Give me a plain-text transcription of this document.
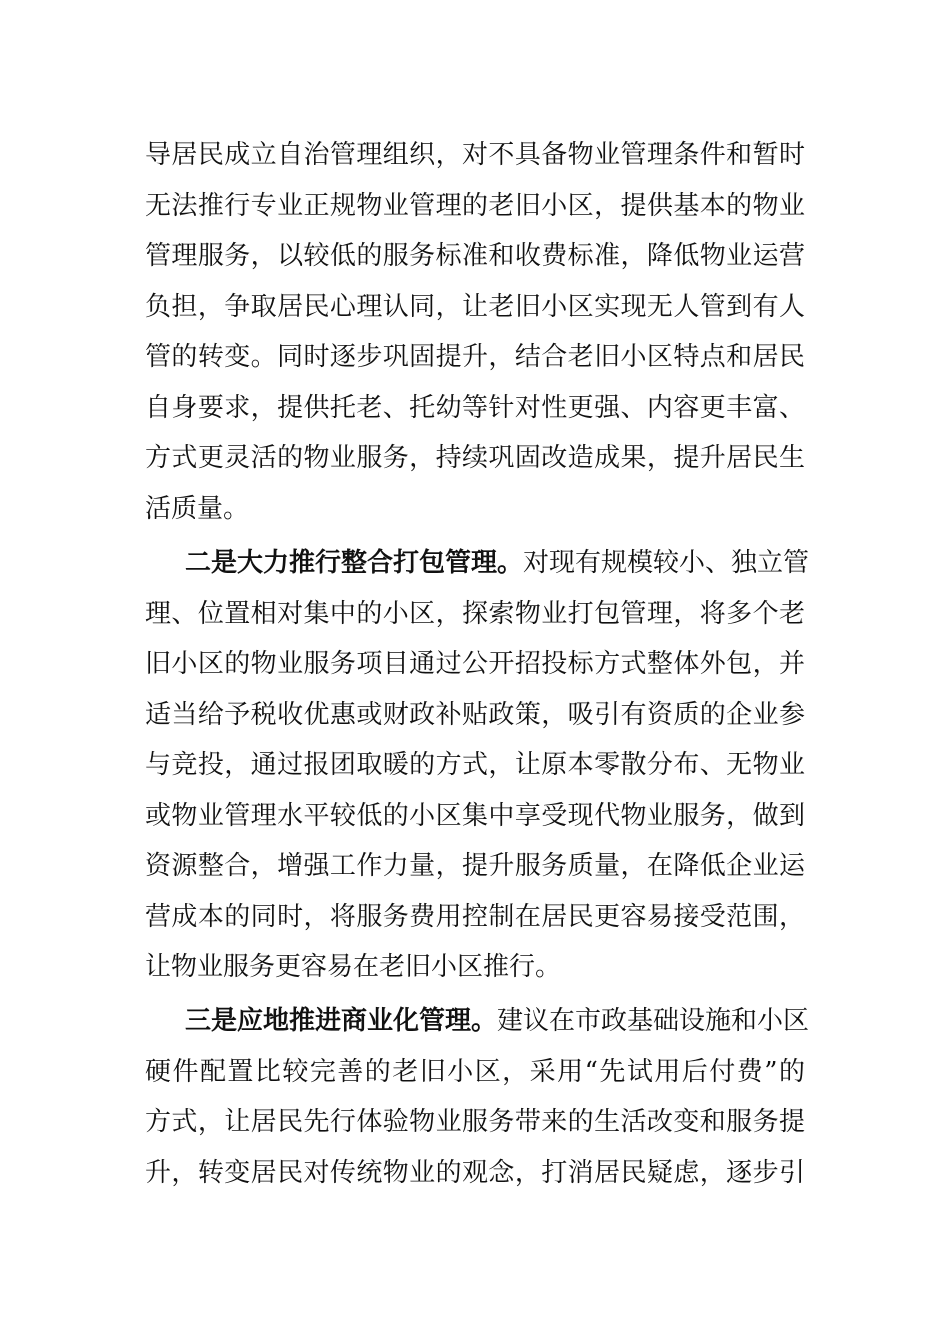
导居民成立自治管理组织，对不具备物业管理条件和暂时
无法推行专业正规物业管理的老旧小区，提供基本的物业
管理服务，以较低的服务标准和收费标准，降低物业运营
负担，争取居民心理认同，让老旧小区实现无人管到有人
管的转变。同时逐步巩固提升，结合老旧小区特点和居民
自身要求，提供托老、托幼等针对性更强、内容更丰富、
方式更灵活的物业服务，持续巩固改造成果，提升居民生
活质量。
二是大力推行整合打包管理。对现有规模较小、独立管
理、位置相对集中的小区，探索物业打包管理，将多个老
旧小区的物业服务项目通过公开招投标方式整体外包，并
适当给予税收优惠或财政补贴政策，吸引有资质的企业参
与竞投，通过报团取暖的方式，让原本零散分布、无物业
或物业管理水平较低的小区集中享受现代物业服务，做到
资源整合，增强工作力量，提升服务质量，在降低企业运
营成本的同时，将服务费用控制在居民更容易接受范围，
让物业服务更容易在老旧小区推行。
三是应地推进商业化管理。建议在市政基础设施和小区
硬件配置比较完善的老旧小区，采用“先试用后付费”的
方式，让居民先行体验物业服务带来的生活改变和服务提
升，转变居民对传统物业的观念，打消居民疑虑，逐步引
